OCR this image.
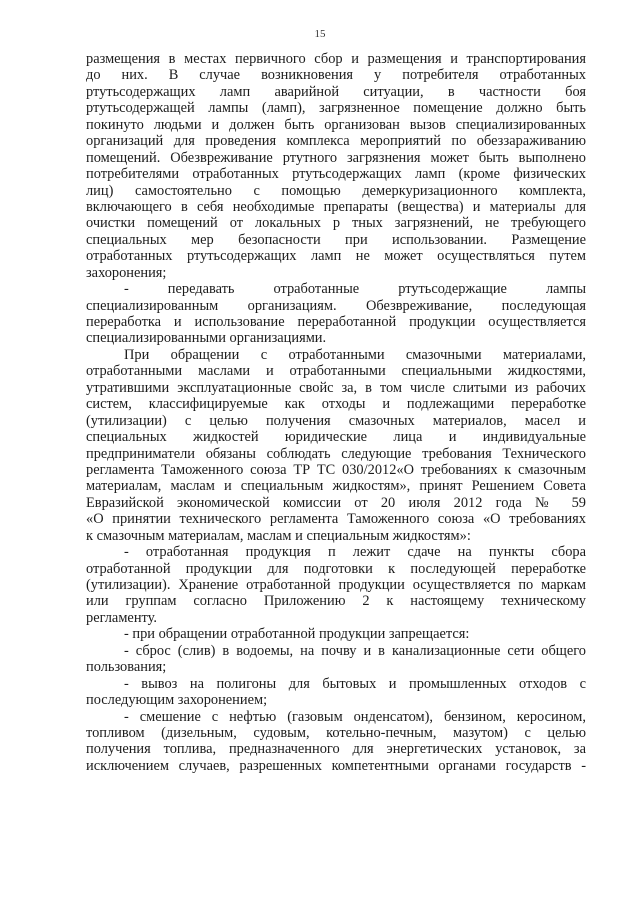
15
размещения в местах первичного сбор и размещения и транспортирования
до них. В случае возникновения у потребителя отработанных
ртутьсодержащих ламп аварийной ситуации, в частности боя
ртутьсодержащей лампы (ламп), загрязненное помещение должно быть
покинуто людьми и должен быть организован вызов специализированных
организаций для проведения комплекса мероприятий по обеззараживанию
помещений. Обезвреживание ртутного загрязнения может быть выполнено
потребителями отработанных ртутьсодержащих ламп (кроме физических
лиц) самостоятельно с помощью демеркуризационного комплекта,
включающего в себя необходимые препараты (вещества) и материалы для
очистки помещений от локальных р тных загрязнений, не требующего
специальных мер безопасности при использовании. Размещение
отработанных ртутьсодержащих ламп не может осуществляться путем
захоронения;
- передавать отработанные ртутьсодержащие лампы
специализированным организациям. Обезвреживание, последующая
переработка и использование переработанной продукции осуществляется
специализированными организациями.
При обращении с отработанными смазочными материалами,
отработанными маслами и отработанными специальными жидкостями,
утратившими эксплуатационные свойс за, в том числе слитыми из рабочих
систем, классифицируемые как отходы и подлежащими переработке
(утилизации) с целью получения смазочных материалов, масел и
специальных жидкостей юридические лица и индивидуальные
предприниматели обязаны соблюдать следующие требования Технического
регламента Таможенного союза ТР ТС 030/2012«О требованиях к смазочным
материалам, маслам и специальным жидкостям», принят Решением Совета
Евразийской экономической комиссии от 20 июля 2012 года № 59
«О принятии технического регламента Таможенного союза «О требованиях
к смазочным материалам, маслам и специальным жидкостям»:
- отработанная продукция п лежит сдаче на пункты сбора
отработанной продукции для подготовки к последующей переработке
(утилизации). Хранение отработанной продукции осуществляется по маркам
или группам согласно Приложению 2 к настоящему техническому
регламенту.
- при обращении отработанной продукции запрещается:
- сброс (слив) в водоемы, на почву и в канализационные сети общего
пользования;
- вывоз на полигоны для бытовых и промышленных отходов с
последующим захоронением;
- смешение с нефтью (газовым онденсатом), бензином, керосином,
топливом (дизельным, судовым, котельно-печным, мазутом) с целью
получения топлива, предназначенного для энергетических установок, за
исключением случаев, разрешенных компетентными органами государств -
